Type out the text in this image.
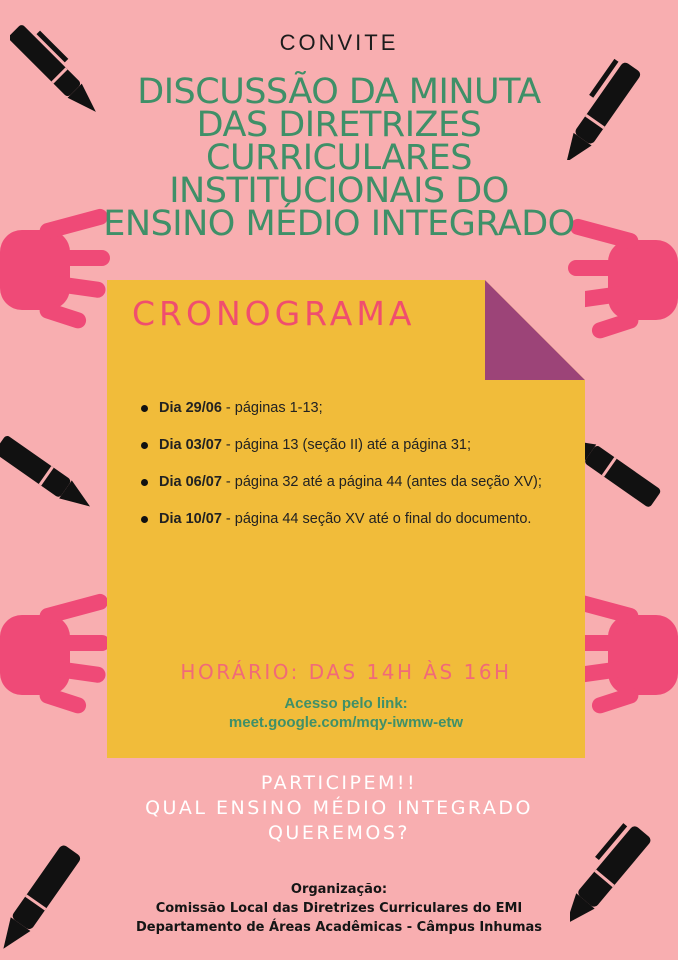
CONVITE
DISCUSSÃO DA MINUTA
DAS DIRETRIZES
CURRICULARES
INSTITUCIONAIS DO
ENSINO MÉDIO INTEGRADO
CRONOGRAMA
Dia 29/06 - páginas 1-13;
Dia 03/07 - página 13 (seção II) até a página 31;
Dia 06/07 - página 32 até a página 44 (antes da seção XV);
Dia 10/07 - página 44 seção XV até o final do documento.
HORÁRIO: DAS 14H ÀS 16H
Acesso pelo link:
meet.google.com/mqy-iwmw-etw
PARTICIPEM!!
QUAL ENSINO MÉDIO INTEGRADO
QUEREMOS?
Organização:
Comissão Local das Diretrizes Curriculares do EMI
Departamento de Áreas Acadêmicas - Câmpus Inhumas
